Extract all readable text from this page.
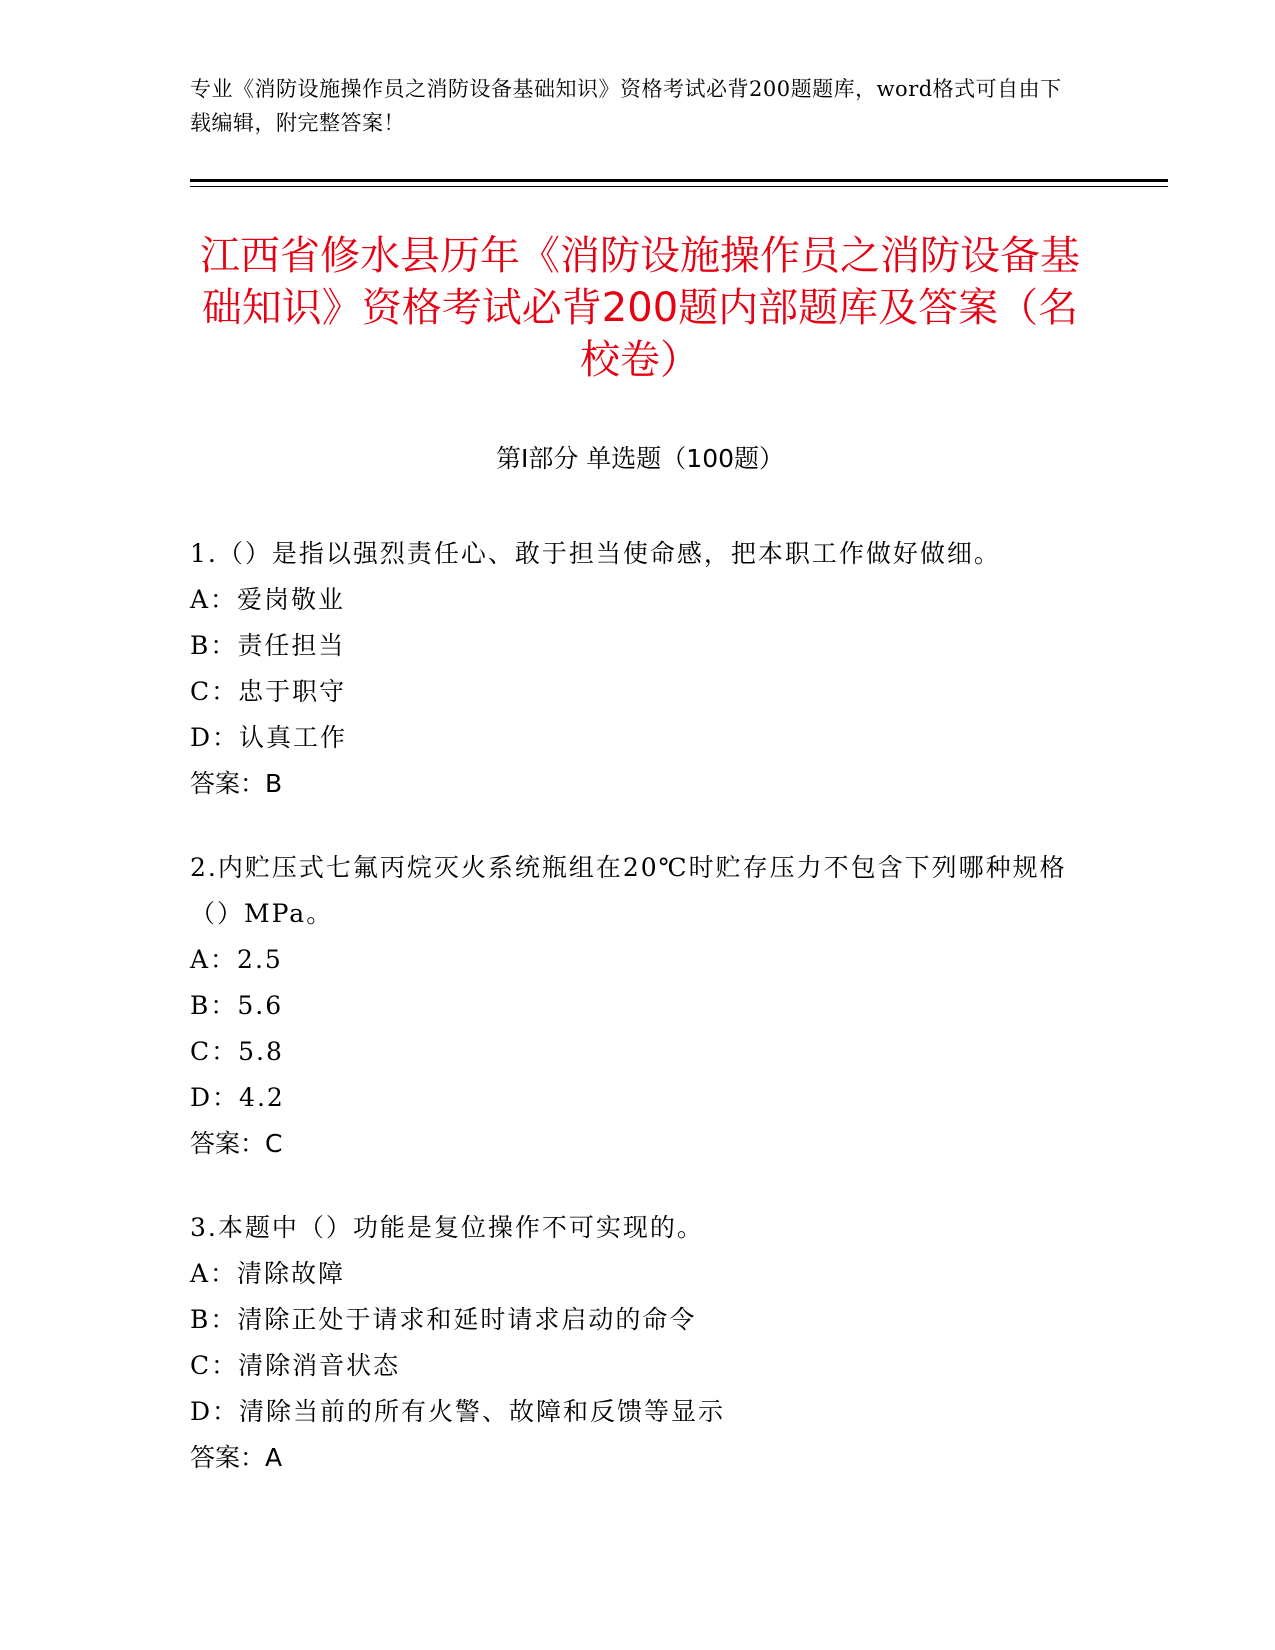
专业《消防设施操作员之消防设备基础知识》资格考试必背200题题库，word格式可自由下载编辑，附完整答案！
江西省修水县历年《消防设施操作员之消防设备基础知识》资格考试必背200题内部题库及答案（名校卷）
第Ⅰ部分 单选题（100题）

1.（）是指以强烈责任心、敢于担当使命感，把本职工作做好做细。

A：爱岗敬业

B：责任担当

C：忠于职守

D：认真工作

答案：B

2.内贮压式七氟丙烷灭火系统瓶组在20℃时贮存压力不包含下列哪种规格（）MPa。

A：2.5

B：5.6

C：5.8

D：4.2

答案：C

3.本题中（）功能是复位操作不可实现的。

A：清除故障

B：清除正处于请求和延时请求启动的命令

C：清除消音状态

D：清除当前的所有火警、故障和反馈等显示

答案：A
